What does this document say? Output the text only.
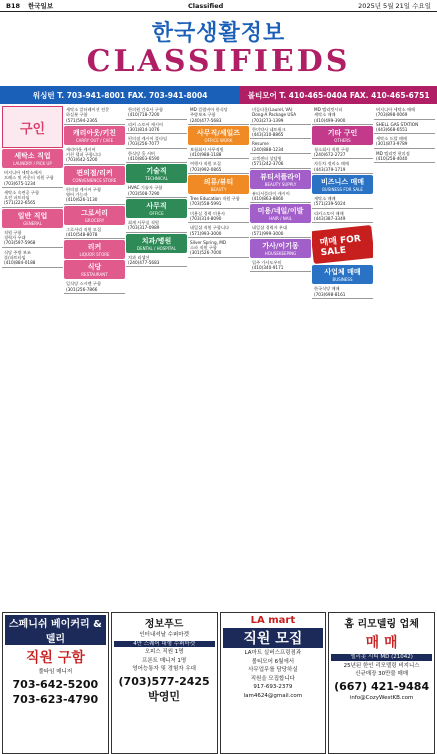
B18 한국일보	Classified	2025년 5월 21일 수요일
한국생활정보
CLASSIFIEDS
워싱턴 T. 703-941-8001 FAX. 703-941-8004	볼티모어 T. 410-465-0404 FAX. 410-465-6751
구인
세탁소 직업
LAUNDRY / PICK UP
버지니아 세탁소에서
프레스 및 카운터 직원 구함
(703)675-1234
세탁소 숙련공 구함
오전 파트타임
(571)222-6565
일반 직업
GENERAL
직원 구함
경력자 우대
(703)597-5968
식당 주방 보조
풀/파트타임
(410)884-0188
세탁소 알터레이션 전문
하실분 구함
(571)594-2365
캐리아웃/키친
CARRY OUT / CAFE
캐리아웃 캐시어
키친 헬퍼 구합니다
(703)642-5200
편의점/리커
CONVENIENCE STORE
편의점 캐시어 구함
영어 가능자
(410)626-1130
그로서리
GROCERY
그로서리 직원 모집
(410)548-8078
리커
LIQUOR STORE
식당
RESTAURANT
일식당 스시맨 구함
(301)256-7866
한의원 간호사 구함
(410)718-7200
리커 스토어 캐시어
(301)814-1076
편의점 캐시어 풀타임
(703)256-7077
한식당 홀 서버
(410)803-6590
기술직
TECHNICAL
HVAC 기술자 구함
(703)508-7290
사무직
OFFICE
회계 사무실 직원
(703)317-0989
치과/병원
DENTAL / HOSPITAL
치과 리셉션
(240)477-5683
MD 컬럼비아 한식당
주방보조 구함
(240)477-5683
사무직/세일즈
OFFICE WORK
보험회사 사무직원
(410)988-1188
여행사 직원 모집
(703)992-0865
의류/뷰티
BEAUTY
Tree Education 직원 구함
(703)558-5991
미용실 경력 미용사
(703)314-8090
네일샵 직원 구합니다
(571)993-3000
Silver Spring, MD
스파 직원 구함
(301)526-7000
미들타운(Laurel, VA)
Dong-A Package USA
(703)273-1399
한미약사 네트워크
(443)310-8865
Resume
(240)888-1234
고객센터 상담원
(571)242-3706
뷰티서플라이
BEAUTY SUPPLY
뷰티서플라이 캐시어
(410)863-8860
미용/네일/이발
HAIR / NAIL
네일샵 경력자 우대
(571)999-3000
가사/이기몽
HOUSEKEEPING
입주 가사도우미
(410)340-9171
MD 엘리컷시티
세탁소 매매
(410)499-3900
기타 구인
OTHERS
청소회사 직원 구함
(240)672-2727
자동차 정비소 매매
(443)379-1719
비즈니스 매매
BUSINESS FOR SALE
세탁소 매매
(571)239-5024
리커스토어 매매
(443)387-3349
매매 FOR SALE
사업체 매매
BUSINESS
한국식당 매매
(703)698-8161
버지니아 세탁소 매매
(703)898-0069
SHELL GAS STATION
(443)668-6551
세탁소 드랍 매매
(301)873-9789
MD 엘리컷 편의점
(410)258-4040
스페니쉬 베이커리 & 델리
직원 구함
풀타임 매니저
703-642-5200
703-623-4790
정보푸드
인터내셔날 수퍼마켓
4만 스퀘어 대형 수퍼마켓
오피스 직원 1명
프론트 매니저 1명
영어능통자 및 경험자 우대
(703)577-2425 박영민
LA mart
직원 모집
LA마트 실버스프링점과
볼티모어 6월에서
사무업무를 담당하실
직원을 모집합니다
917-693-2379
lam4624@gmail.com
홈 리모델링 업체
매 매
엘리콧 시티 MD (21042)
25년된 한인 리모델링 비지니스
신규매장 30만불 매매
(667) 421-9484
info@CozyWestKB.com
